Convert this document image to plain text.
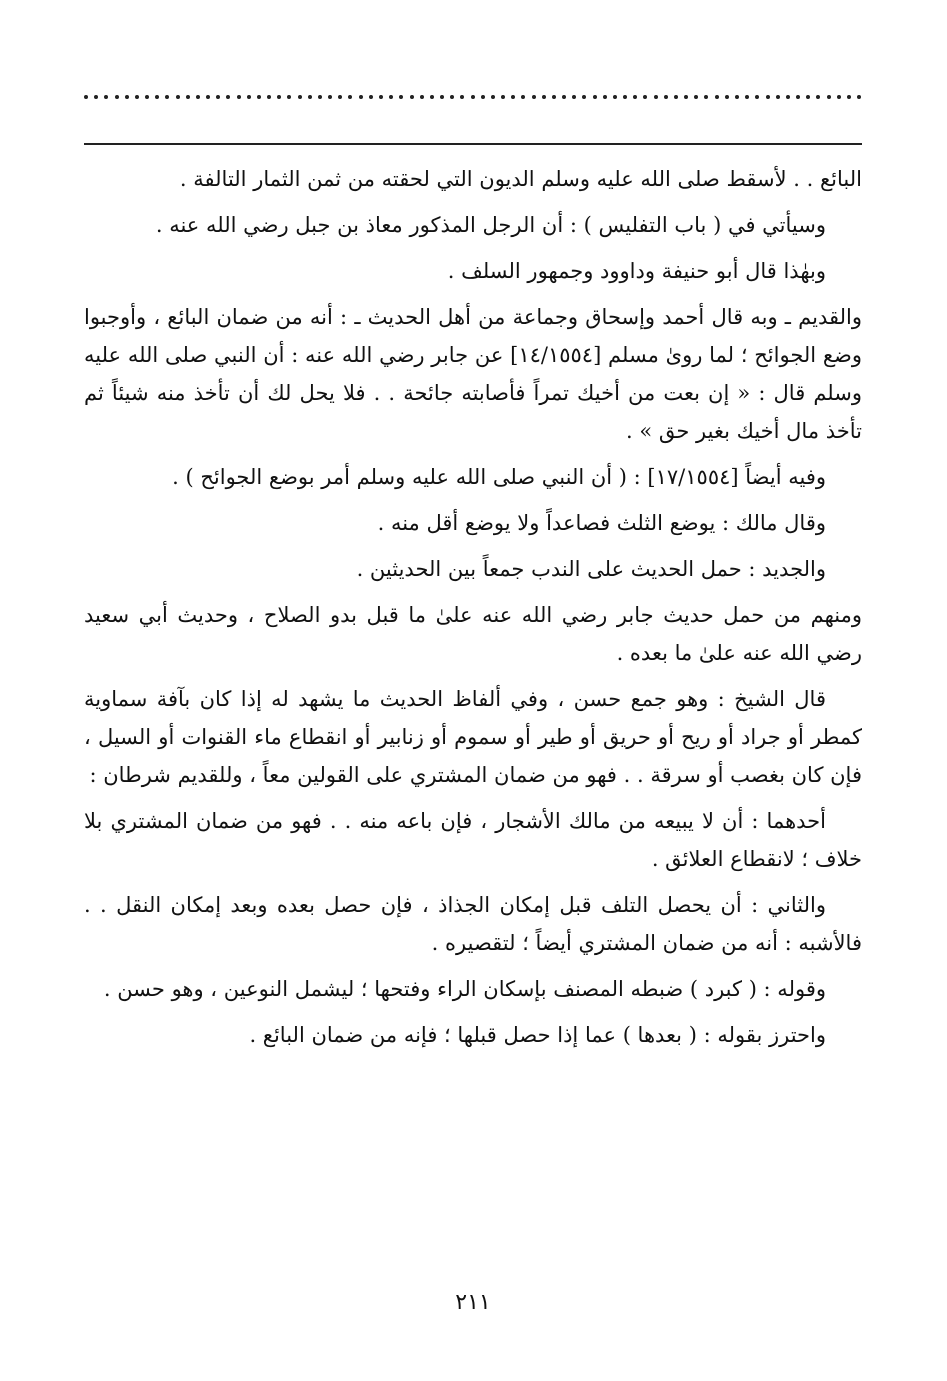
البائع . . لأسقط صلى الله عليه وسلم الديون التي لحقته من ثمن الثمار التالفة .

وسيأتي في ( باب التفليس ) : أن الرجل المذكور معاذ بن جبل رضي الله عنه .

وبهٰذا قال أبو حنيفة وداوود وجمهور السلف .

والقديم ـ وبه قال أحمد وإسحاق وجماعة من أهل الحديث ـ : أنه من ضمان البائع ، وأوجبوا وضع الجوائح ؛ لما روىٰ مسلم [١٤/١٥٥٤] عن جابر رضي الله عنه : أن النبي صلى الله عليه وسلم قال : « إن بعت من أخيك تمراً فأصابته جائحة . . فلا يحل لك أن تأخذ منه شيئاً ثم تأخذ مال أخيك بغير حق » .

وفيه أيضاً [١٧/١٥٥٤] : ( أن النبي صلى الله عليه وسلم أمر بوضع الجوائح ) .

وقال مالك : يوضع الثلث فصاعداً ولا يوضع أقل منه .

والجديد : حمل الحديث على الندب جمعاً بين الحديثين .

ومنهم من حمل حديث جابر رضي الله عنه علىٰ ما قبل بدو الصلاح ، وحديث أبي سعيد رضي الله عنه علىٰ ما بعده .

قال الشيخ : وهو جمع حسن ، وفي ألفاظ الحديث ما يشهد له إذا كان بآفة سماوية كمطر أو جراد أو ريح أو حريق أو طير أو سموم أو زنابير أو انقطاع ماء القنوات أو السيل ، فإن كان بغصب أو سرقة . . فهو من ضمان المشتري على القولين معاً ، وللقديم شرطان :

أحدهما : أن لا يبيعه من مالك الأشجار ، فإن باعه منه . . فهو من ضمان المشتري بلا خلاف ؛ لانقطاع العلائق .

والثاني : أن يحصل التلف قبل إمكان الجذاذ ، فإن حصل بعده وبعد إمكان النقل . . فالأشبه : أنه من ضمان المشتري أيضاً ؛ لتقصيره .

وقوله : ( كبرد ) ضبطه المصنف بإسكان الراء وفتحها ؛ ليشمل النوعين ، وهو حسن .

واحترز بقوله : ( بعدها ) عما إذا حصل قبلها ؛ فإنه من ضمان البائع .

٢١١
